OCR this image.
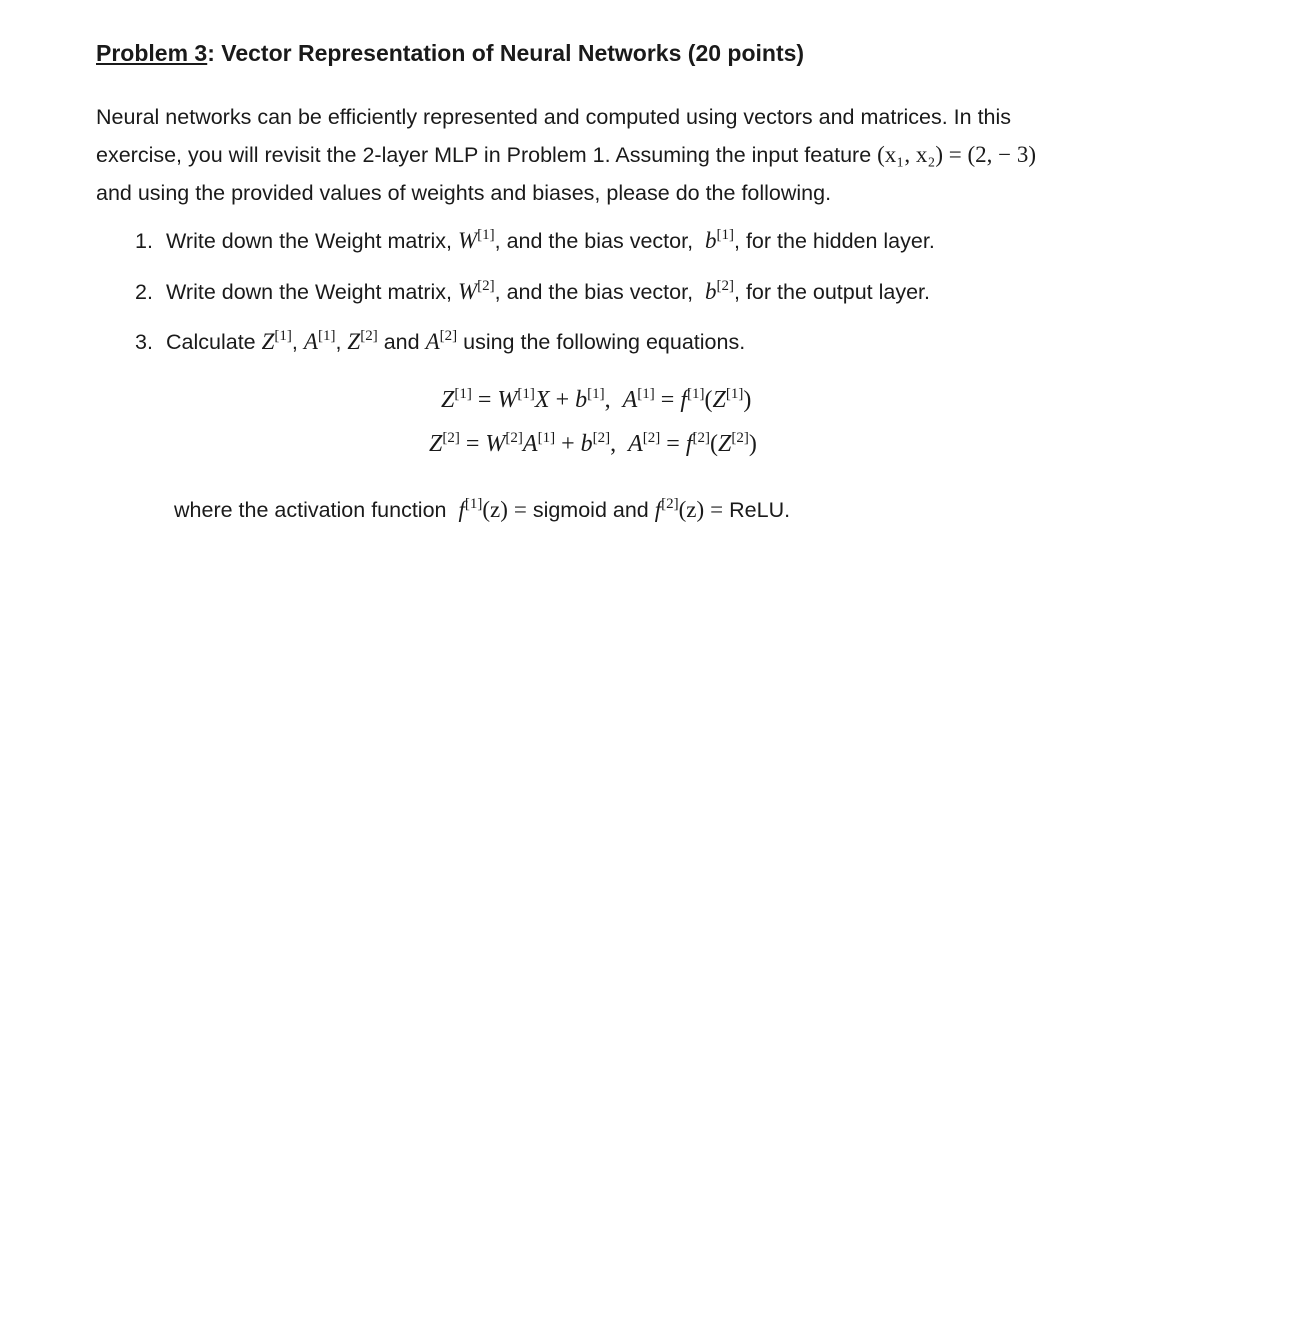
Problem 3: Vector Representation of Neural Networks (20 points)
Neural networks can be efficiently represented and computed using vectors and matrices. In this
exercise, you will revisit the 2-layer MLP in Problem 1. Assuming the input feature (x₁, x₂) = (2, − 3)
and using the provided values of weights and biases, please do the following.
1. Write down the Weight matrix, W[1], and the bias vector, b[1], for the hidden layer.
2. Write down the Weight matrix, W[2], and the bias vector, b[2], for the output layer.
3. Calculate Z[1], A[1], Z[2] and A[2] using the following equations.
Z[1] = W[1]X + b[1],  A[1] = f[1](Z[1])
Z[2] = W[2]A[1] + b[2],  A[2] = f[2](Z[2])
where the activation function f[1](z) = sigmoid and f[2](z) = ReLU.
